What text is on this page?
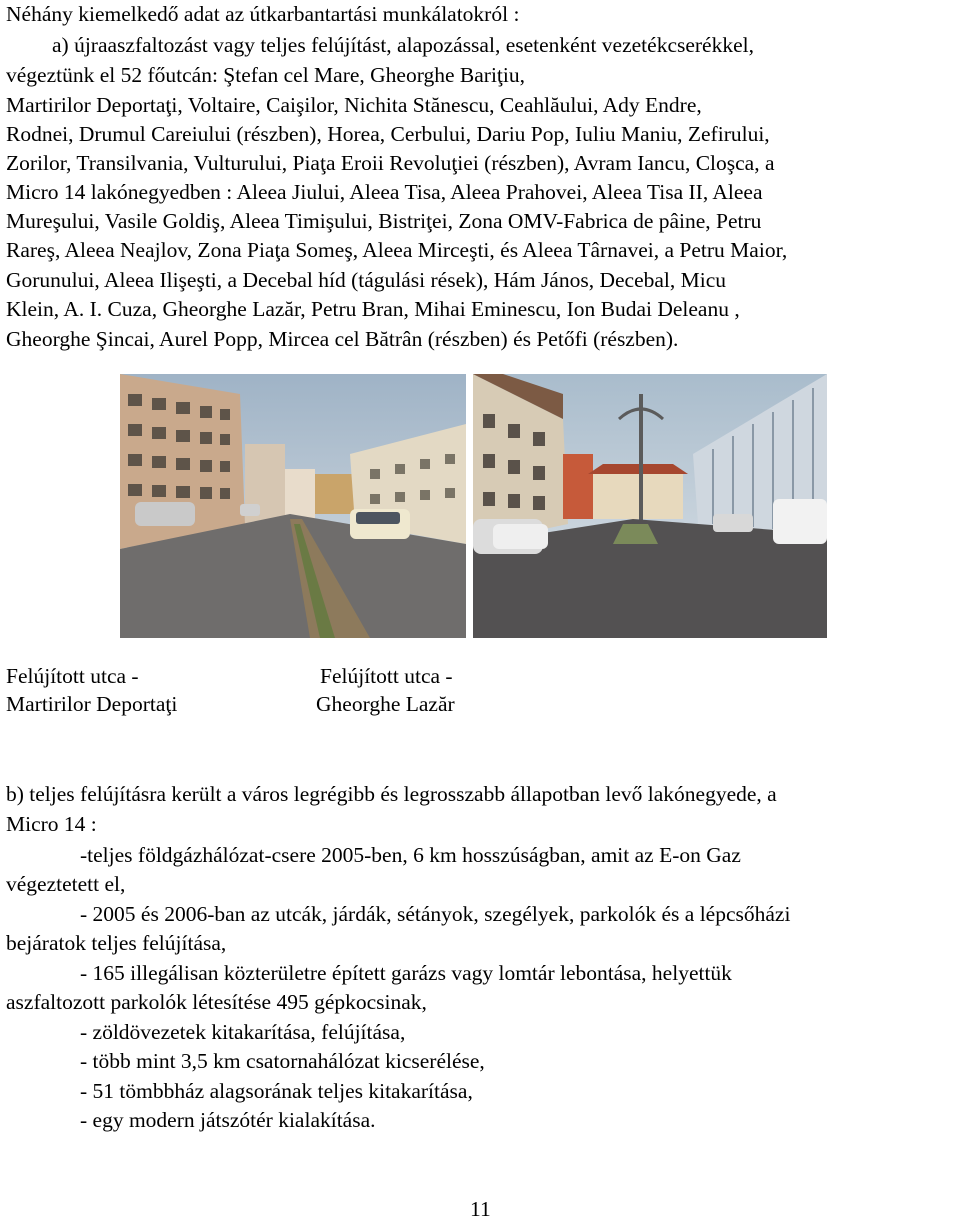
Néhány kiemelkedő adat az útkarbantartási munkálatokról :
a) újraaszfaltozást vagy teljes felújítást, alapozással, esetenként vezetékcserékkel,
végeztünk el 52 főutcán: Ştefan cel Mare, Gheorghe Bariţiu,
Martirilor Deportaţi, Voltaire, Caişilor, Nichita Stănescu, Ceahlăului, Ady Endre,
Rodnei, Drumul Careiului (részben), Horea, Cerbului, Dariu Pop, Iuliu Maniu, Zefirului,
Zorilor, Transilvania, Vulturului, Piaţa Eroii Revoluţiei (részben), Avram Iancu, Cloşca, a
Micro 14 lakónegyedben : Aleea Jiului, Aleea Tisa, Aleea Prahovei, Aleea Tisa II, Aleea
Mureşului, Vasile Goldiş, Aleea Timişului, Bistriţei, Zona OMV-Fabrica de pâine, Petru
Rareş, Aleea Neajlov, Zona Piaţa Someş, Aleea Mirceşti, és Aleea Târnavei, a Petru Maior,
Gorunului, Aleea Ilişeşti, a Decebal híd (tágulási rések), Hám János, Decebal, Micu
Klein, A. I. Cuza, Gheorghe Lazăr, Petru Bran, Mihai Eminescu, Ion Budai Deleanu ,
Gheorghe Şincai, Aurel Popp, Mircea cel Bătrân (részben) és Petőfi (részben).
Felújított utca -
Martirilor Deportaţi
Felújított utca -
Gheorghe Lazăr
b) teljes felújításra került a város legrégibb és legrosszabb állapotban levő lakónegyede, a
Micro 14 :
-teljes földgázhálózat-csere 2005-ben, 6 km hosszúságban, amit az E-on Gaz
végeztetett el,
- 2005 és 2006-ban az utcák, járdák, sétányok, szegélyek, parkolók és a lépcsőházi
bejáratok teljes felújítása,
- 165 illegálisan közterületre épített garázs vagy lomtár lebontása, helyettük
aszfaltozott parkolók létesítése 495 gépkocsinak,
- zöldövezetek kitakarítása, felújítása,
- több mint 3,5 km csatornahálózat kicserélése,
- 51 tömbbház alagsorának teljes kitakarítása,
- egy modern játszótér kialakítása.
11
